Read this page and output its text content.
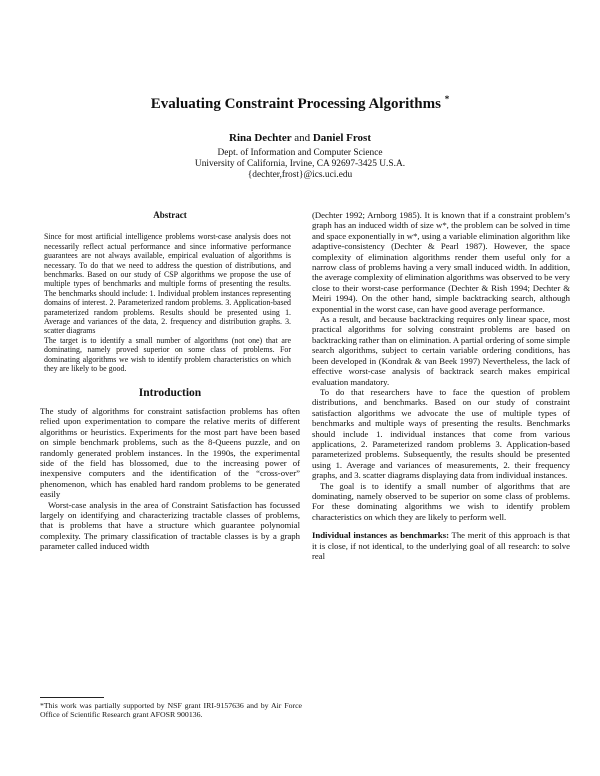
Evaluating Constraint Processing Algorithms *
Rina Dechter and Daniel Frost
Dept. of Information and Computer Science
University of California, Irvine, CA 92697-3425 U.S.A.
{dechter,frost}@ics.uci.edu
Abstract

Since for most artificial intelligence problems worst-case analysis does not necessarily reflect actual performance and since informative performance guarantees are not always available, empirical evaluation of algorithms is necessary. To do that we need to address the question of distributions, and benchmarks. Based on our study of CSP algorithms we propose the use of multiple types of benchmarks and multiple forms of presenting the results. The benchmarks should include: 1. Individual problem instances representing domains of interest. 2. Parameterized random problems. 3. Application-based parameterized random problems. Results should be presented using 1. Average and variances of the data, 2. frequency and distribution graphs. 3. scatter diagrams

The target is to identify a small number of algorithms (not one) that are dominating, namely proved superior on some class of problems. For dominating algorithms we wish to identify problem characteristics on which they are likely to be good.

Introduction

The study of algorithms for constraint satisfaction problems has often relied upon experimentation to compare the relative merits of different algorithms or heuristics. Experiments for the most part have been based on simple benchmark problems, such as the 8-Queens puzzle, and on randomly generated problem instances. In the 1990s, the experimental side of the field has blossomed, due to the increasing power of inexpensive computers and the identification of the “cross-over” phenomenon, which has enabled hard random problems to be generated easily

Worst-case analysis in the area of Constraint Satisfaction has focussed largely on identifying and characterizing tractable classes of problems, that is problems that have a structure which guarantee polynomial complexity. The primary classification of tractable classes is by a graph parameter called induced width

(Dechter 1992; Arnborg 1985). It is known that if a constraint problem’s graph has an induced width of size w*, the problem can be solved in time and space exponentially in w*, using a variable elimination algorithm like adaptive-consistency (Dechter & Pearl 1987). However, the space complexity of elimination algorithms render them useful only for a narrow class of problems having a very small induced width. In addition, the average complexity of elimination algorithms was observed to be very close to their worst-case performance (Dechter & Rish 1994; Dechter & Meiri 1994). On the other hand, simple backtracking search, although exponential in the worst case, can have good average performance.

As a result, and because backtracking requires only linear space, most practical algorithms for solving constraint problems are based on backtracking rather than on elimination. A partial ordering of some simple search algorithms, subject to certain variable ordering conditions, has been developed in (Kondrak & van Beek 1997) Nevertheless, the lack of effective worst-case analysis of backtrack search makes empirical evaluation mandatory.

To do that researchers have to face the question of problem distributions, and benchmarks. Based on our study of constraint satisfaction algorithms we advocate the use of multiple types of benchmarks and multiple ways of presenting the results. Benchmarks should include 1. individual instances that come from various applications, 2. Parameterized random problems 3. Application-based parameterized problems. Subsequently, the results should be presented using 1. Average and variances of measurements, 2. their frequency graphs, and 3. scatter diagrams displaying data from individual instances.

The goal is to identify a small number of algorithms that are dominating, namely observed to be superior on some class of problems. For these dominating algorithms we wish to identify problem characteristics on which they are likely to perform well.

Individual instances as benchmarks: The merit of this approach is that it is close, if not identical, to the underlying goal of all research: to solve real

*This work was partially supported by NSF grant IRI-9157636 and by Air Force Office of Scientific Research grant AFOSR 900136.
